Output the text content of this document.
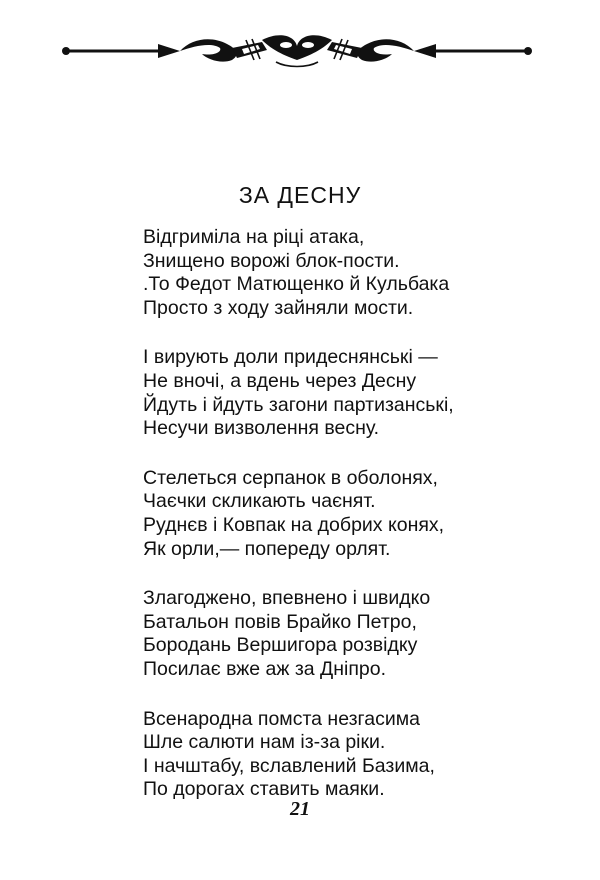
ЗА ДЕСНУ
Відгриміла на ріці атака,
Знищено ворожі блок-пости.
.То Федот Матющенко й Кульбака
Просто з ходу зайняли мости.
І вирують доли придеснянські —
Не вночі, а вдень через Десну
Йдуть і йдуть загони партизанські,
Несучи визволення весну.
Стелеться серпанок в оболонях,
Чаєчки скликають чаєнят.
Руднєв і Ковпак на добрих конях,
Як орли,— попереду орлят.
Злагоджено, впевнено і швидко
Батальон повів Брайко Петро,
Бородань Вершигора розвідку
Посилає вже аж за Дніпро.
Всенародна помста незгасима
Шле салюти нам із-за ріки.
І начштабу, вславлений Базима,
По дорогах ставить маяки.
21
